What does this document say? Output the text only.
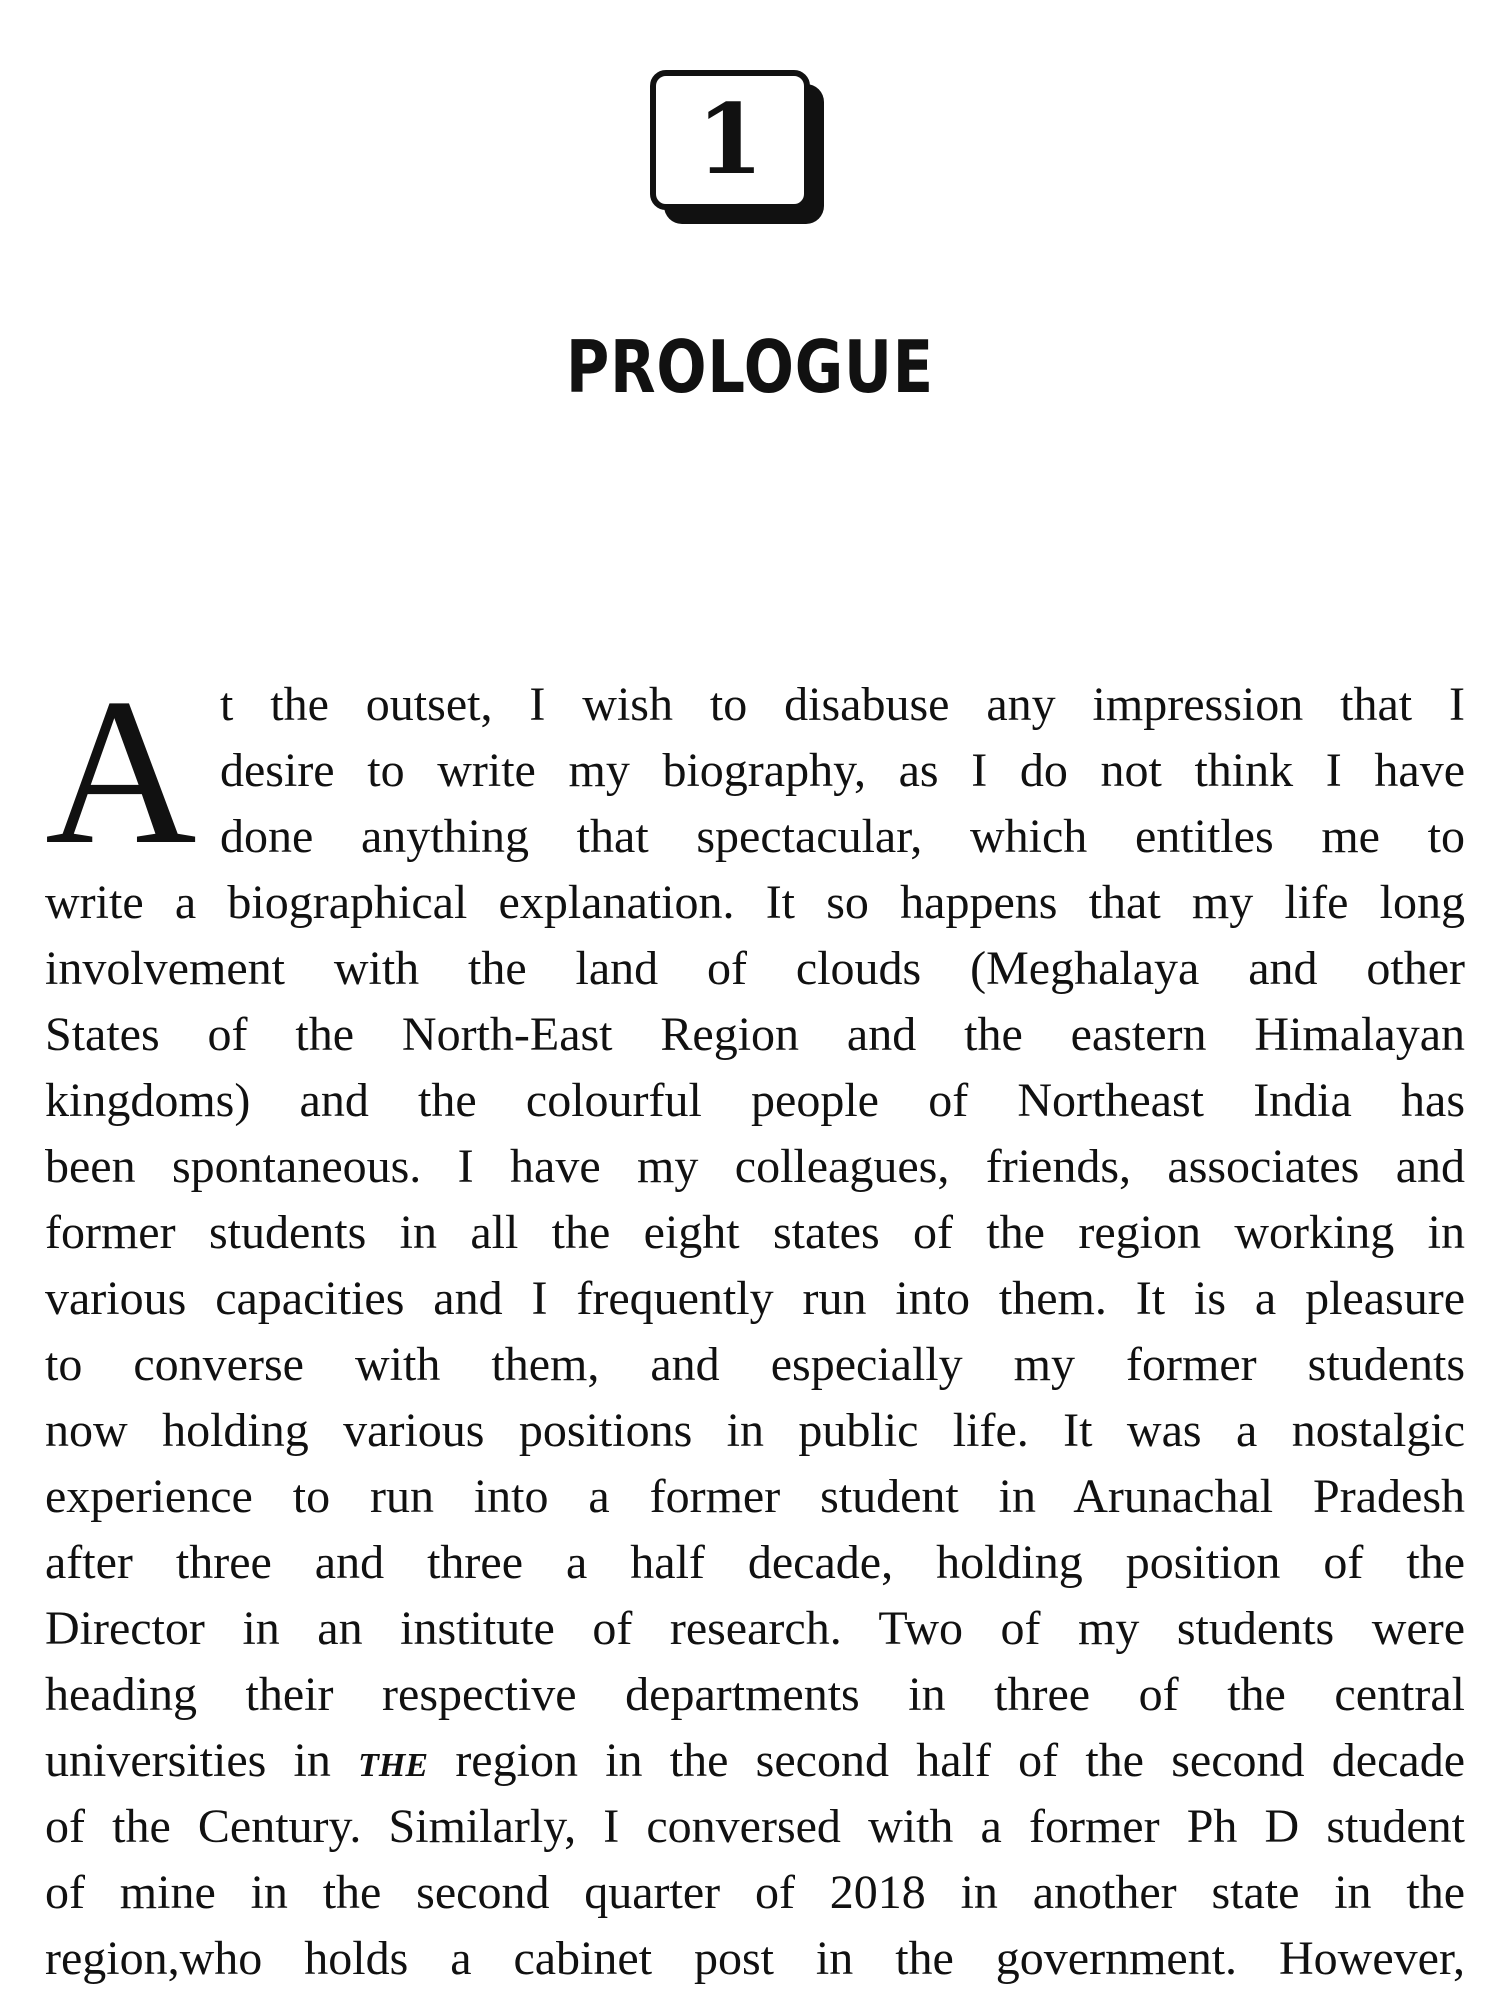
1
PROLOGUE
A t the outset, I wish to disabuse any impression that I
desire to write my biography, as I do not think I have
done anything that spectacular, which entitles me to
write a biographical explanation. It so happens that my life long
involvement with the land of clouds (Meghalaya and other
States of the North-East Region and the eastern Himalayan
kingdoms) and the colourful people of Northeast India has
been spontaneous. I have my colleagues, friends, associates and
former students in all the eight states of the region working in
various capacities and I frequently run into them. It is a pleasure
to converse with them, and especially my former students
now holding various positions in public life. It was a nostalgic
experience to run into a former student in Arunachal Pradesh
after three and three a half decade, holding position of the
Director in an institute of research. Two of my students were
heading their respective departments in three of the central
universities in THE region in the second half of the second decade
of the Century. Similarly, I conversed with a former Ph D student
of mine in the second quarter of 2018 in another state in the
region,who holds a cabinet post in the government. However,
